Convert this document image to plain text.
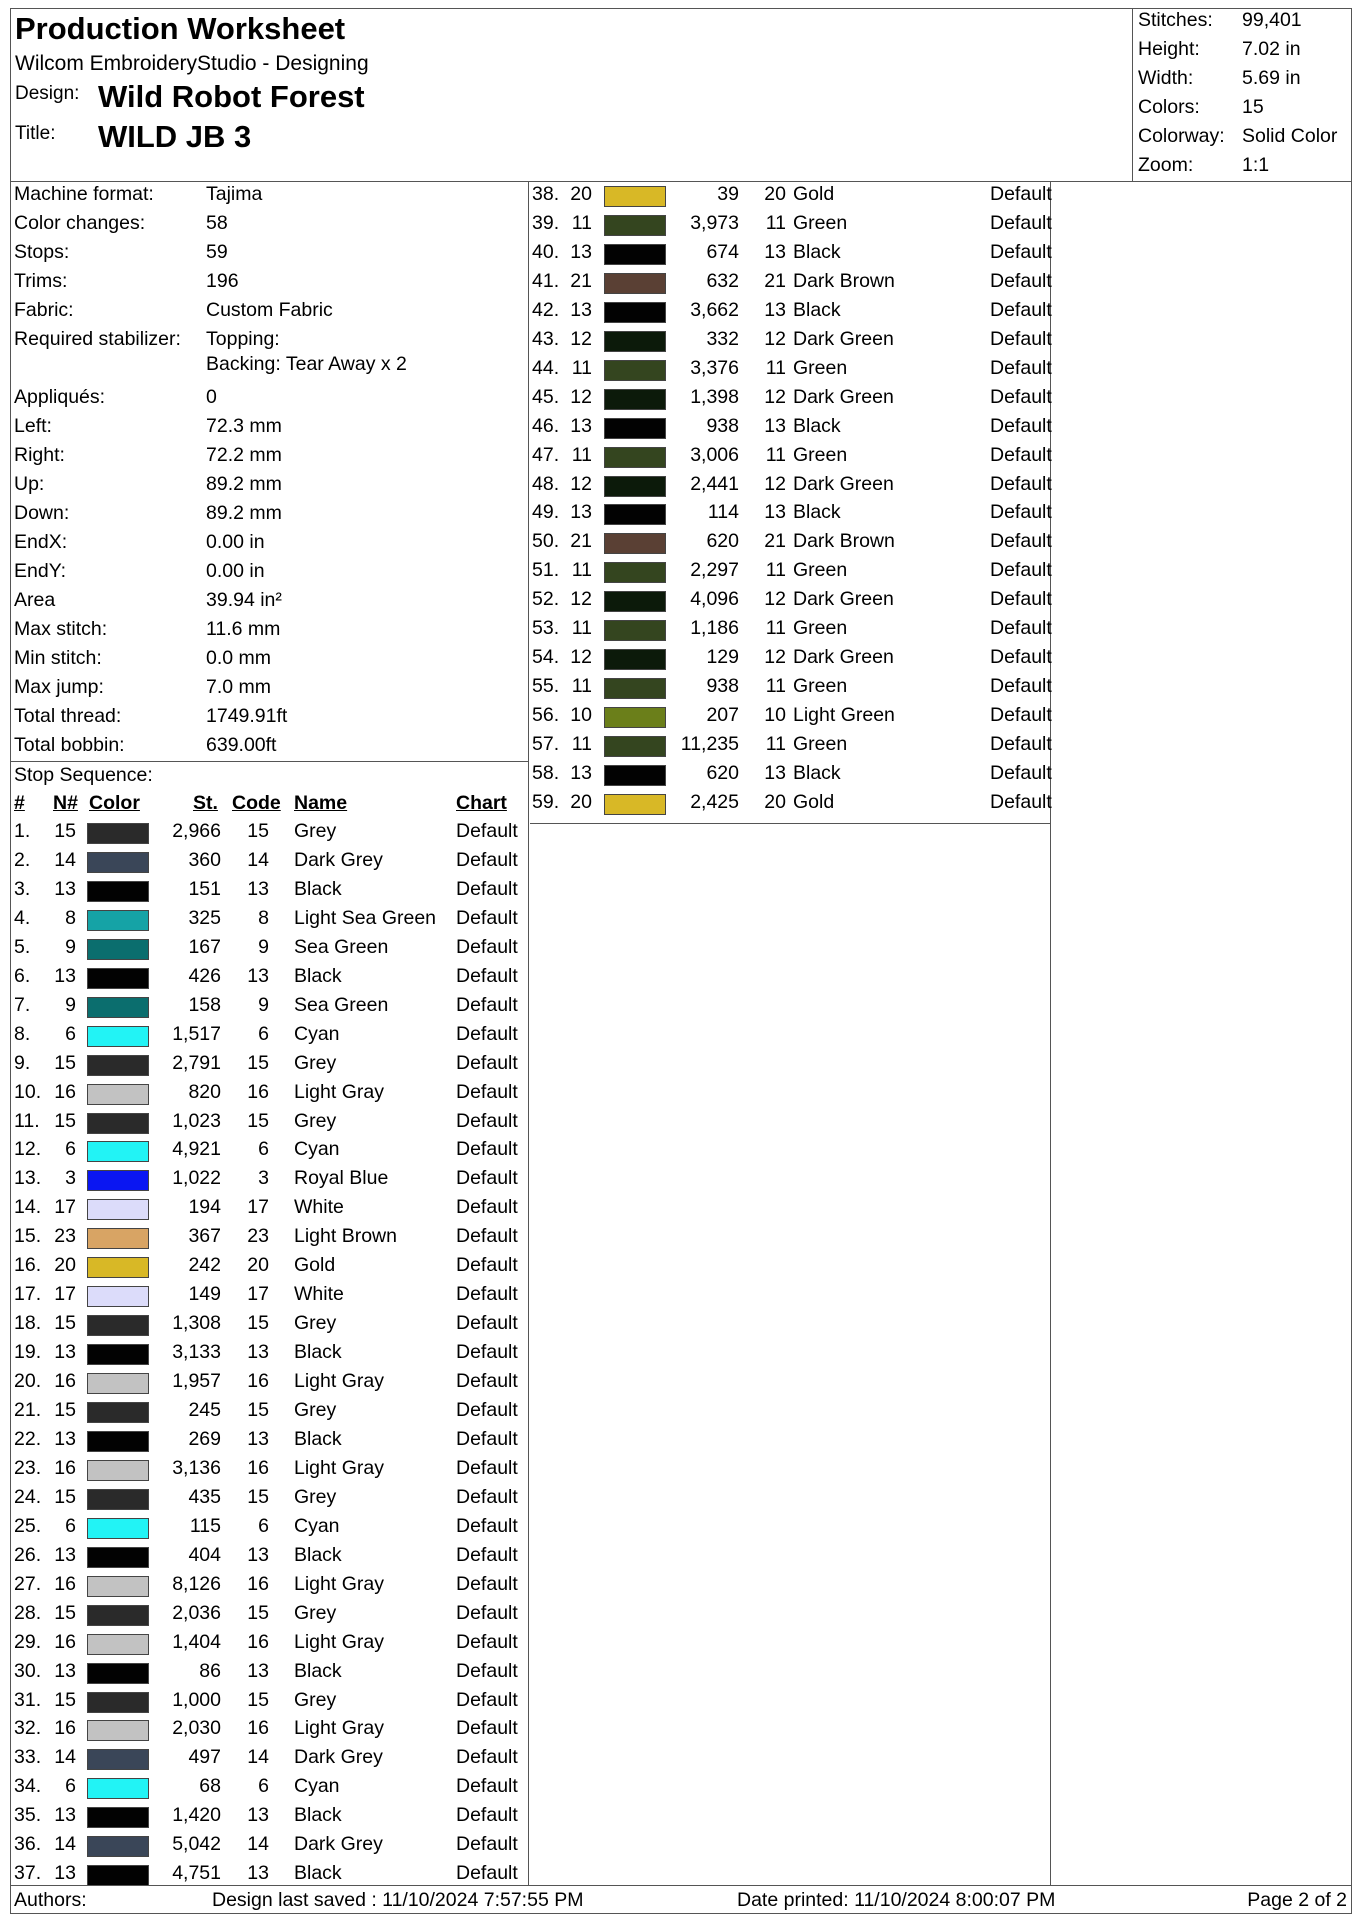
Production Worksheet
Wilcom EmbroideryStudio - Designing
Design: Wild Robot Forest
Title: WILD JB 3
Stitches: 99,401
Height: 7.02 in
Width: 5.69 in
Colors: 15
Colorway: Solid Color
Zoom: 1:1
Machine format:	Tajima
Color changes:	58
Stops:	59
Trims:	196
Fabric:	Custom Fabric
Required stabilizer: Topping:
Backing: Tear Away x 2
Appliqués:	0
Left:	72.3 mm
Right:	72.2 mm
Up:	89.2 mm
Down:	89.2 mm
EndX:	0.00 in
EndY:	0.00 in
Area	39.94 in²
Max stitch:	11.6 mm
Min stitch:	0.0 mm
Max jump:	7.0 mm
Total thread:	1749.91ft
Total bobbin:	639.00ft
Stop Sequence:
# N# Color	St. Code Name	Chart
1. 15	2,966	15 Grey	Default
2. 14	360	14 Dark Grey	Default
3. 13	151	13 Black	Default
4.	8	325	8 Light Sea Green Default
5.	9	167	9 Sea Green	Default
6. 13	426	13 Black	Default
7.	9	158	9 Sea Green	Default
8.	6	1,517	6 Cyan	Default
9. 15	2,791	15 Grey	Default
10. 16	820	16 Light Gray	Default
11. 15	1,023	15 Grey	Default
12.	6	4,921	6 Cyan	Default
13.	3	1,022	3 Royal Blue	Default
14. 17	194	17 White	Default
15. 23	367	23 Light Brown	Default
16. 20	242	20 Gold	Default
17. 17	149	17 White	Default
18. 15	1,308	15 Grey	Default
19. 13	3,133	13 Black	Default
20. 16	1,957	16 Light Gray	Default
21. 15	245	15 Grey	Default
22. 13	269	13 Black	Default
23. 16	3,136	16 Light Gray	Default
24. 15	435	15 Grey	Default
25.	6	115	6 Cyan	Default
26. 13	404	13 Black	Default
27. 16	8,126	16 Light Gray	Default
28. 15	2,036	15 Grey	Default
29. 16	1,404	16 Light Gray	Default
30. 13	86	13 Black	Default
31. 15	1,000	15 Grey	Default
32. 16	2,030	16 Light Gray	Default
33. 14	497	14 Dark Grey	Default
34.	6	68	6 Cyan	Default
35. 13	1,420	13 Black	Default
36. 14	5,042	14 Dark Grey	Default
37. 13	4,751	13 Black	Default
38. 20	39	20 Gold	Default
39. 11	3,973	11 Green	Default
40. 13	674	13 Black	Default
41. 21	632	21 Dark Brown	Default
42. 13	3,662	13 Black	Default
43. 12	332	12 Dark Green	Default
44. 11	3,376	11 Green	Default
45. 12	1,398	12 Dark Green	Default
46. 13	938	13 Black	Default
47. 11	3,006	11 Green	Default
48. 12	2,441	12 Dark Green	Default
49. 13	114	13 Black	Default
50. 21	620	21 Dark Brown	Default
51. 11	2,297	11 Green	Default
52. 12	4,096	12 Dark Green	Default
53. 11	1,186	11 Green	Default
54. 12	129	12 Dark Green	Default
55. 11	938	11 Green	Default
56. 10	207	10 Light Green	Default
57. 11	11,235	11 Green	Default
58. 13	620	13 Black	Default
59. 20	2,425	20 Gold	Default
Authors:	Design last saved : 11/10/2024 7:57:55 PM	Date printed: 11/10/2024 8:00:07 PM	Page 2 of 2
